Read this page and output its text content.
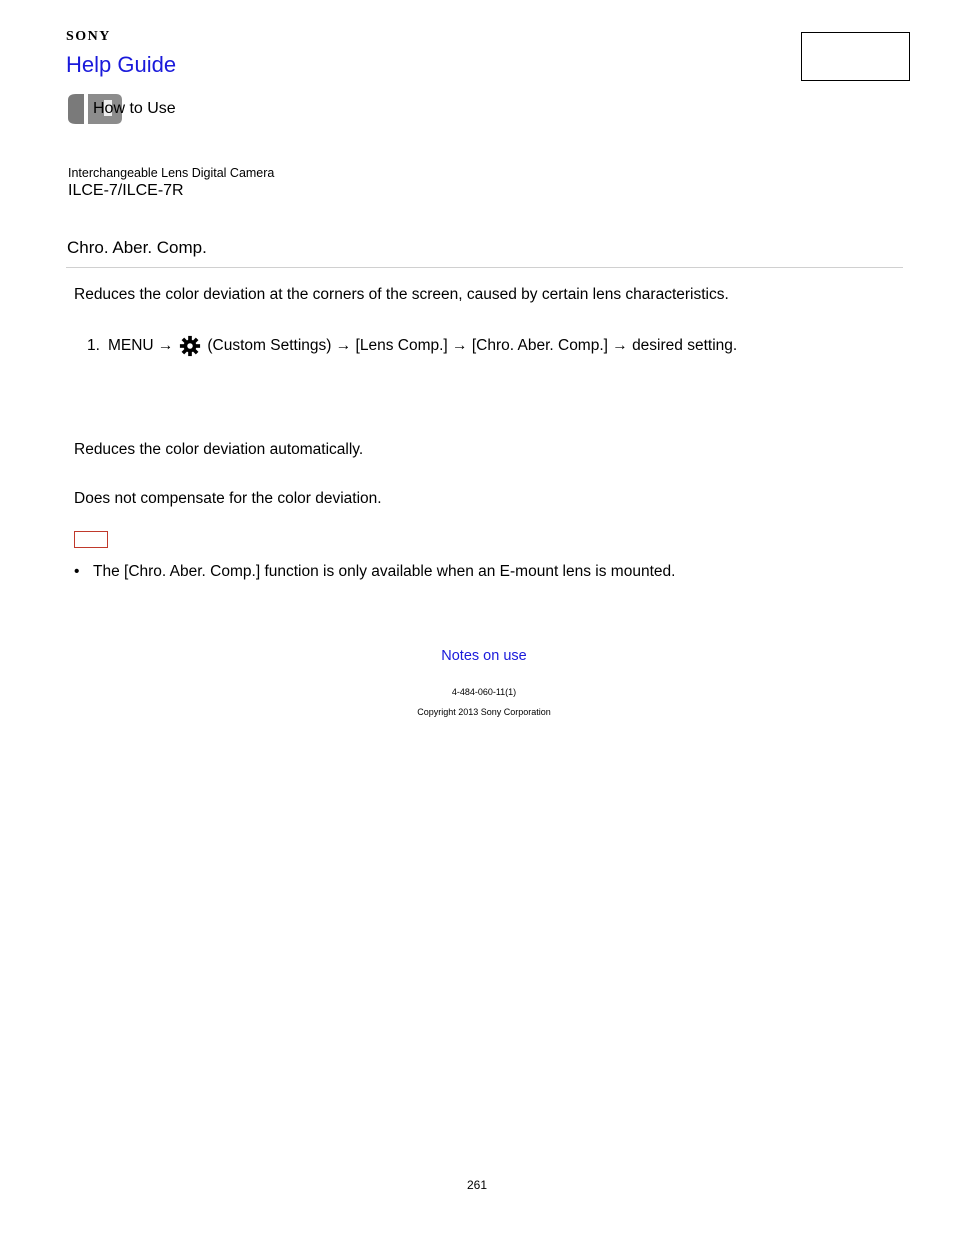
SONY
Help Guide
How to Use
Interchangeable Lens Digital Camera
ILCE-7/ILCE-7R
Chro. Aber. Comp.
Reduces the color deviation at the corners of the screen, caused by certain lens characteristics.
1. MENU → (Custom Settings) → [Lens Comp.] → [Chro. Aber. Comp.] → desired setting.
Reduces the color deviation automatically.
Does not compensate for the color deviation.
• The [Chro. Aber. Comp.] function is only available when an E-mount lens is mounted.
Notes on use
4-484-060-11(1)
Copyright 2013 Sony Corporation
261
